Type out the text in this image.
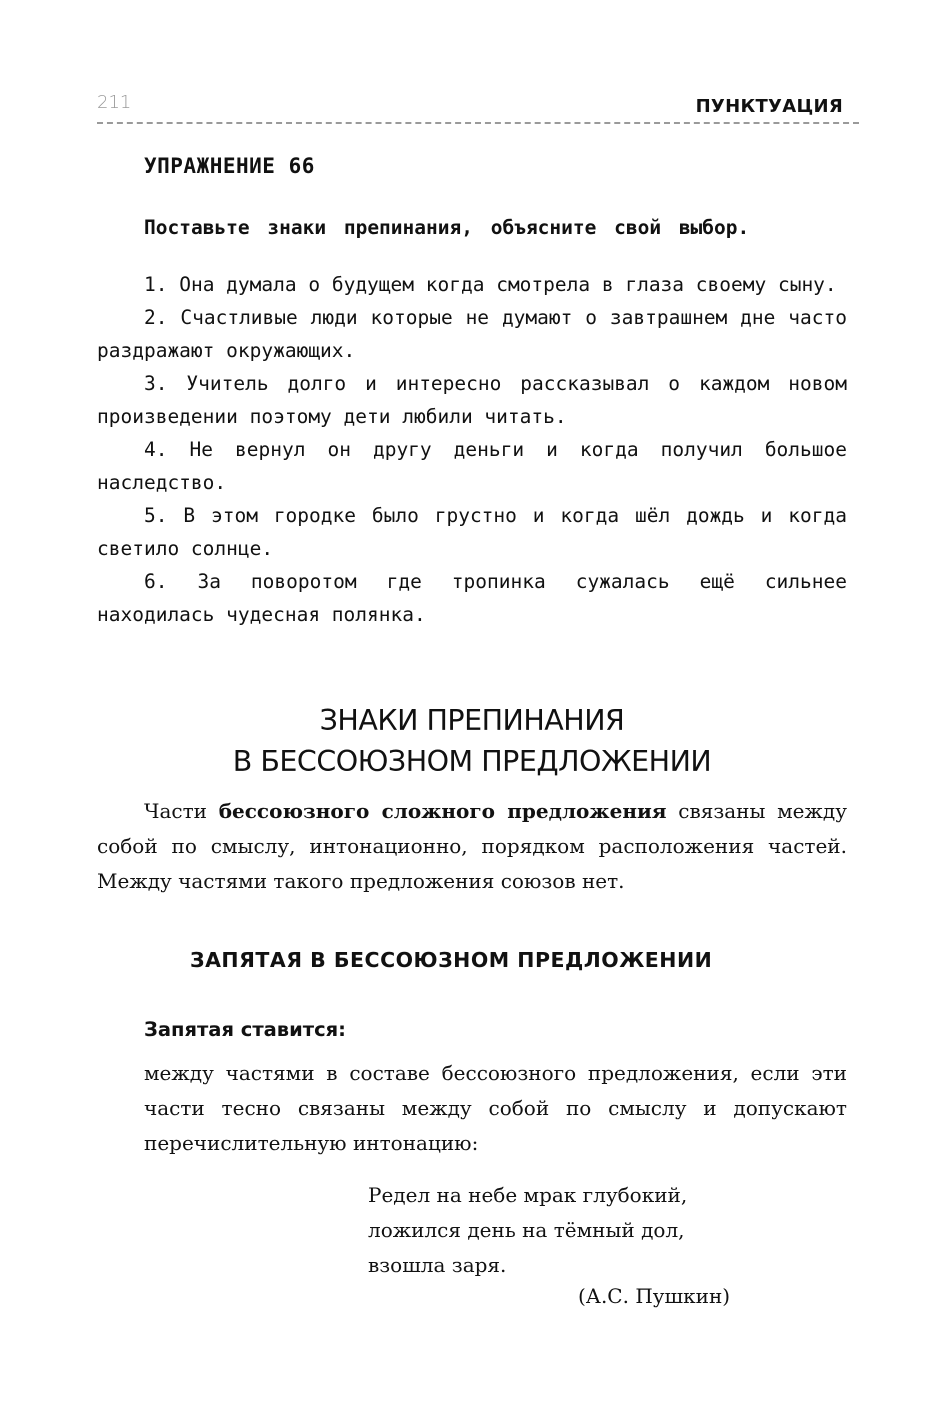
211	ПУНКТУАЦИЯ
УПРАЖНЕНИЕ 66
Поставьте знаки препинания, объясните свой выбор.
1. Она думала о будущем когда смотрела в глаза своему сыну.
2. Счастливые люди которые не думают о завтрашнем дне часто раздражают окружающих.
3. Учитель долго и интересно рассказывал о каждом новом произведении поэтому дети любили читать.
4. Не вернул он другу деньги и когда получил большое наследство.
5. В этом городке было грустно и когда шёл дождь и когда светило солнце.
6. За поворотом где тропинка сужалась ещё сильнее находилась чудесная полянка.
ЗНАКИ ПРЕПИНАНИЯ
В БЕССОЮЗНОМ ПРЕДЛОЖЕНИИ

Части бессоюзного сложного предложения связаны между собой по смыслу, интонационно, порядком расположения частей. Между частями такого предложения союзов нет.

ЗАПЯТАЯ В БЕССОЮЗНОМ ПРЕДЛОЖЕНИИ
Запятая ставится:

между частями в составе бессоюзного предложения, если эти части тесно связаны между собой по смыслу и допускают перечислительную интонацию:

Редел на небе мрак глубокий,
ложился день на тёмный дол,
взошла заря.
(А.С. Пушкин)
